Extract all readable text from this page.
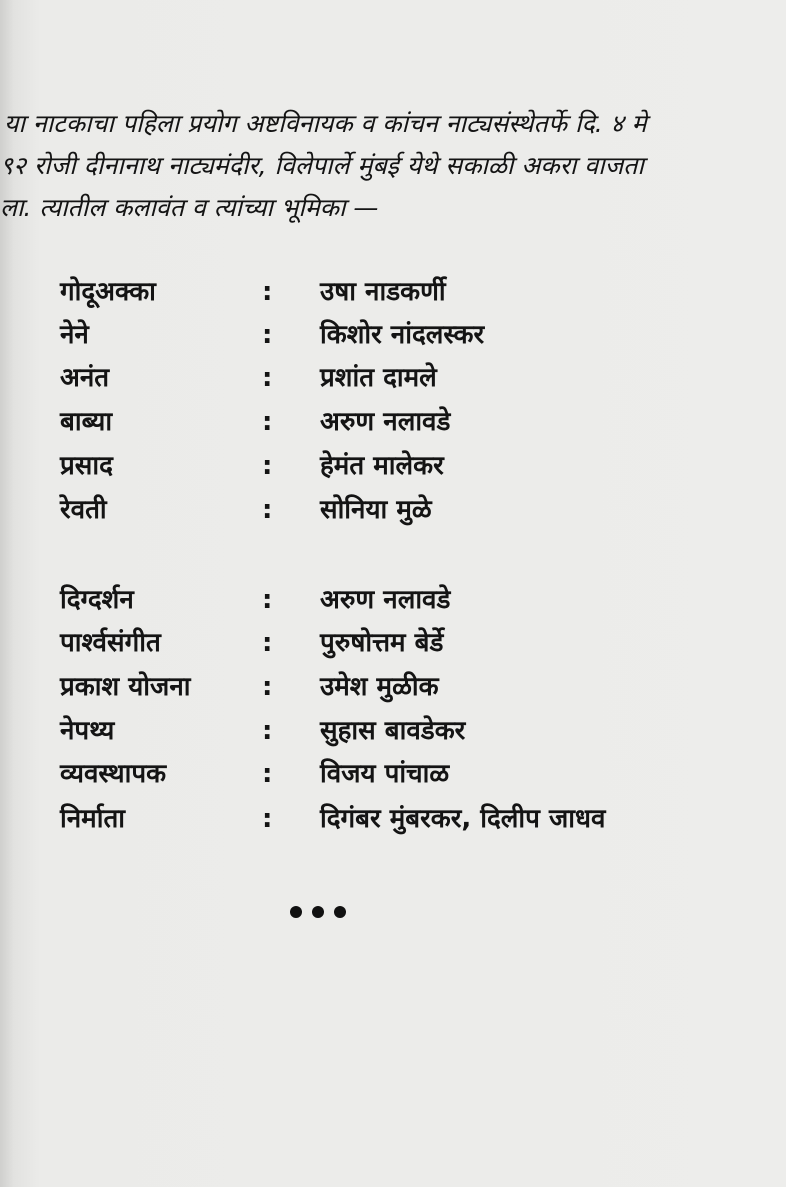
या नाटकाचा पहिला प्रयोग अष्टविनायक व कांचन नाट्यसंस्थेतर्फे दि. ४ मे
९२ रोजी दीनानाथ नाट्यमंदीर, विलेपार्ले मुंबई येथे सकाळी अकरा वाजता
ला. त्यातील कलावंत व त्यांच्या भूमिका —
गोदूअक्का	: उषा नाडकर्णी
नेने	: किशोर नांदलस्कर
अनंत	: प्रशांत दामले
बाब्या	: अरुण नलावडे
प्रसाद	: हेमंत मालेकर
रेवती	: सोनिया मुळे
दिग्दर्शन	: अरुण नलावडे
पार्श्वसंगीत	: पुरुषोत्तम बेर्डे
प्रकाश योजना	: उमेश मुळीक
नेपथ्य	: सुहास बावडेकर
व्यवस्थापक	: विजय पांचाळ
निर्माता	: दिगंबर मुंबरकर, दिलीप जाधव
